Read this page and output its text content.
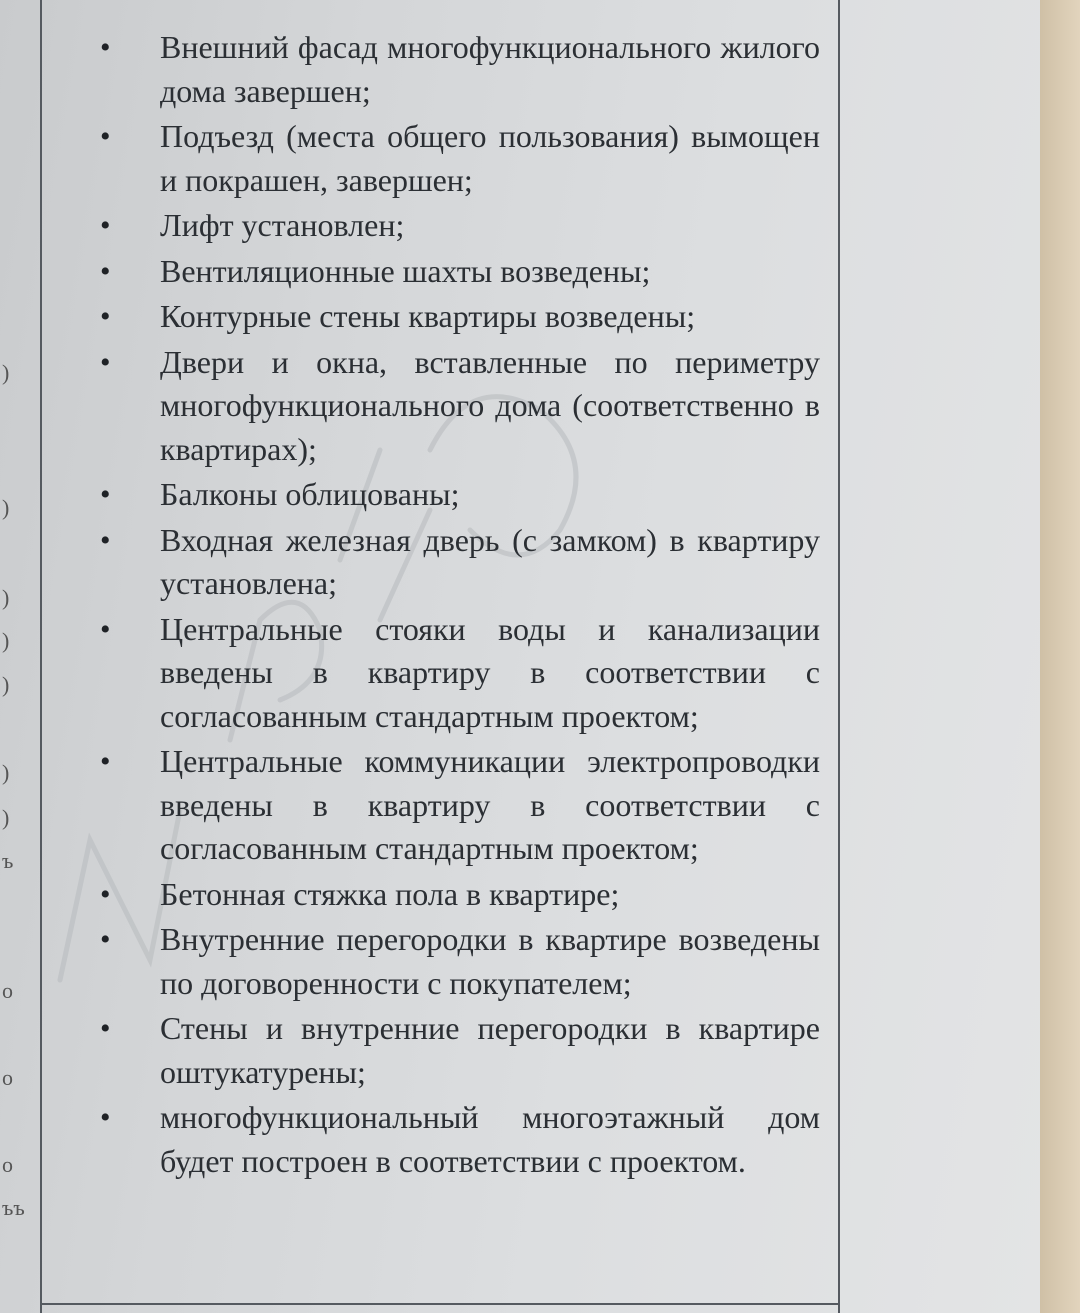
)
)
)
)
)
)
)
ъ
о
о
о
ъъ
• Внешний фасад многофункционального жилого дома завершен;
• Подъезд (места общего пользования) вымощен и покрашен, завершен;
• Лифт установлен;
• Вентиляционные шахты возведены;
• Контурные стены квартиры возведены;
• Двери и окна, вставленные по периметру многофункционального дома (соответственно в квартирах);
• Балконы облицованы;
• Входная железная дверь (с замком) в квартиру установлена;
• Центральные стояки воды и канализации введены в квартиру в соответствии с согласованным стандартным проектом;
• Центральные коммуникации электропроводки введены в квартиру в соответствии с согласованным стандартным проектом;
• Бетонная стяжка пола в квартире;
• Внутренние перегородки в квартире возведены по договоренности с покупателем;
• Стены и внутренние перегородки в квартире оштукатурены;
• многофункциональный многоэтажный дом будет построен в соответствии с проектом.
